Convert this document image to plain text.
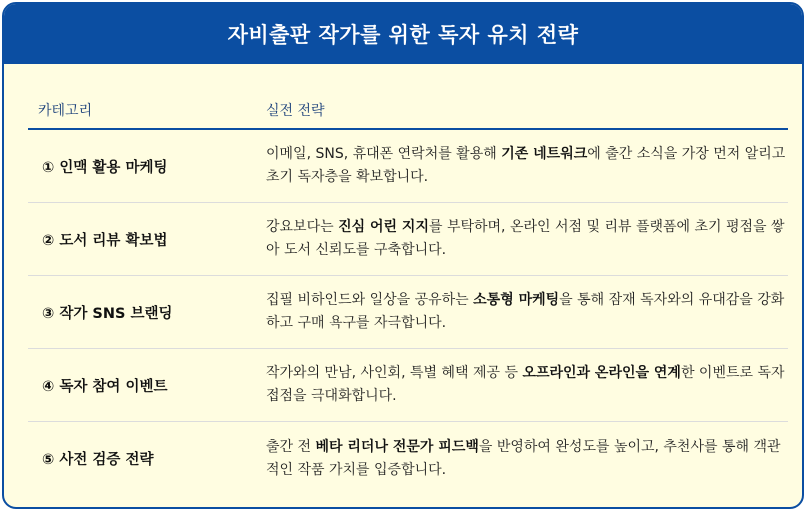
자비출판 작가를 위한 독자 유치 전략
카테고리	실전 전략
① 인맥 활용 마케팅
이메일, SNS, 휴대폰 연락처를 활용해 기존 네트워크에 출간 소식을 가장 먼저 알리고 초기 독자층을 확보합니다.
② 도서 리뷰 확보법
강요보다는 진심 어린 지지를 부탁하며, 온라인 서점 및 리뷰 플랫폼에 초기 평점을 쌓아 도서 신뢰도를 구축합니다.
③ 작가 SNS 브랜딩
집필 비하인드와 일상을 공유하는 소통형 마케팅을 통해 잠재 독자와의 유대감을 강화하고 구매 욕구를 자극합니다.
④ 독자 참여 이벤트
작가와의 만남, 사인회, 특별 혜택 제공 등 오프라인과 온라인을 연계한 이벤트로 독자 접점을 극대화합니다.
⑤ 사전 검증 전략
출간 전 베타 리더나 전문가 피드백을 반영하여 완성도를 높이고, 추천사를 통해 객관적인 작품 가치를 입증합니다.
